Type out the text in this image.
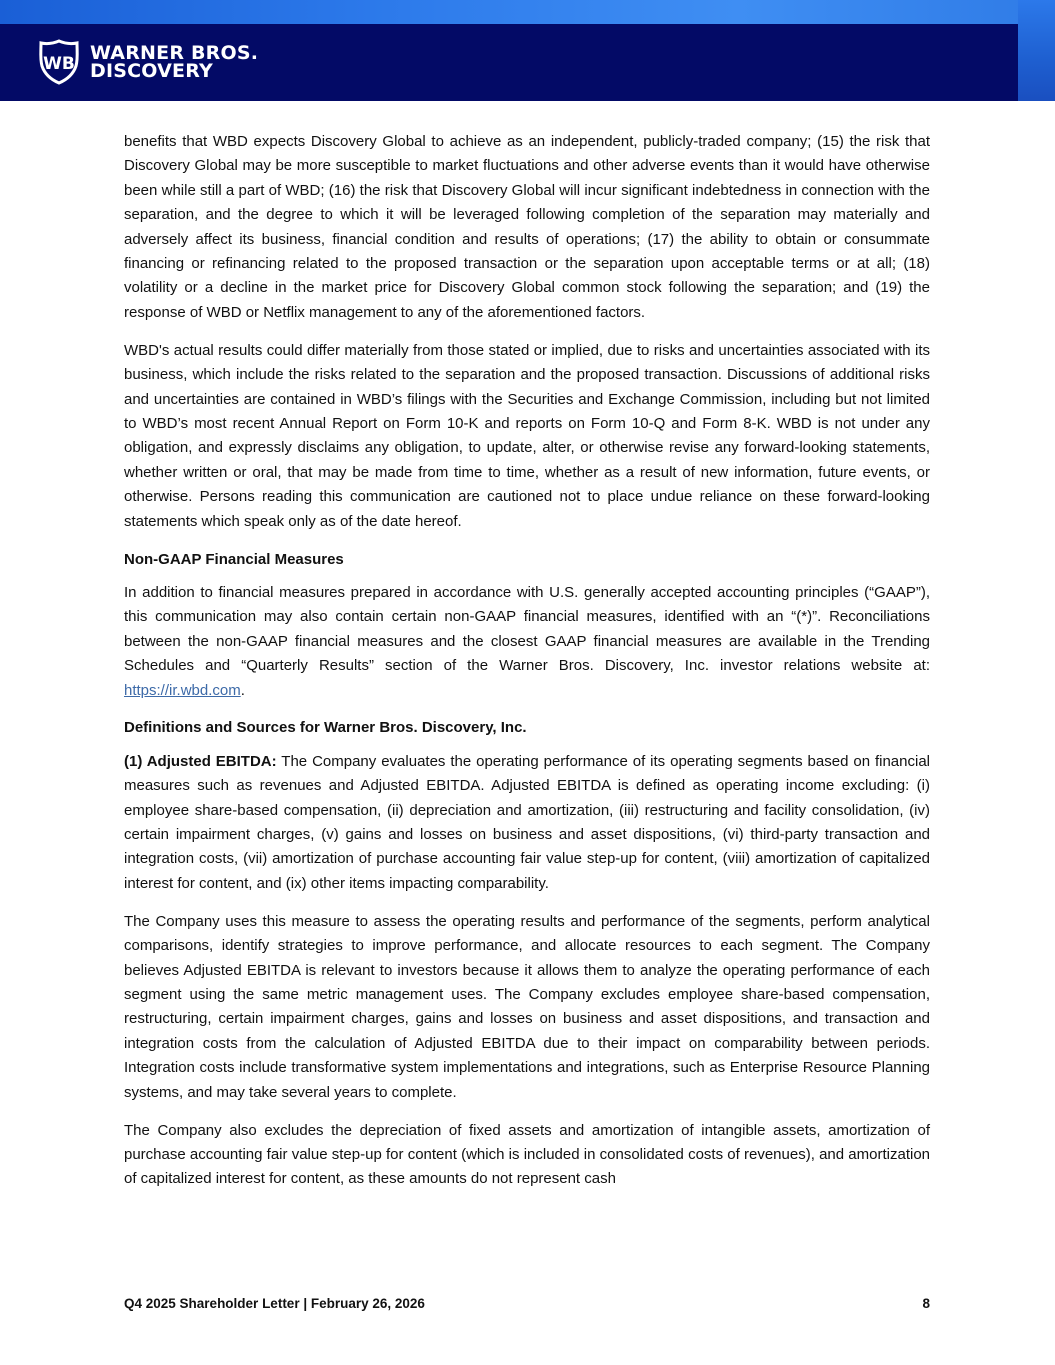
WB WARNER BROS.
DISCOVERY

benefits that WBD expects Discovery Global to achieve as an independent, publicly-traded company; (15) the risk that Discovery Global may be more susceptible to market fluctuations and other adverse events than it would have otherwise been while still a part of WBD; (16) the risk that Discovery Global will incur significant indebtedness in connection with the separation, and the degree to which it will be leveraged following completion of the separation may materially and adversely affect its business, financial condition and results of operations; (17) the ability to obtain or consummate financing or refinancing related to the proposed transaction or the separation upon acceptable terms or at all; (18) volatility or a decline in the market price for Discovery Global common stock following the separation; and (19) the response of WBD or Netflix management to any of the aforementioned factors.

WBD's actual results could differ materially from those stated or implied, due to risks and uncertainties associated with its business, which include the risks related to the separation and the proposed transaction. Discussions of additional risks and uncertainties are contained in WBD’s filings with the Securities and Exchange Commission, including but not limited to WBD’s most recent Annual Report on Form 10-K and reports on Form 10-Q and Form 8-K. WBD is not under any obligation, and expressly disclaims any obligation, to update, alter, or otherwise revise any forward-looking statements, whether written or oral, that may be made from time to time, whether as a result of new information, future events, or otherwise. Persons reading this communication are cautioned not to place undue reliance on these forward-looking statements which speak only as of the date hereof.

Non-GAAP Financial Measures

In addition to financial measures prepared in accordance with U.S. generally accepted accounting principles (“GAAP”), this communication may also contain certain non-GAAP financial measures, identified with an “(*)”. Reconciliations between the non-GAAP financial measures and the closest GAAP financial measures are available in the Trending Schedules and “Quarterly Results” section of the Warner Bros. Discovery, Inc. investor relations website at: https://ir.wbd.com.

Definitions and Sources for Warner Bros. Discovery, Inc.

(1) Adjusted EBITDA: The Company evaluates the operating performance of its operating segments based on financial measures such as revenues and Adjusted EBITDA. Adjusted EBITDA is defined as operating income excluding: (i) employee share-based compensation, (ii) depreciation and amortization, (iii) restructuring and facility consolidation, (iv) certain impairment charges, (v) gains and losses on business and asset dispositions, (vi) third-party transaction and integration costs, (vii) amortization of purchase accounting fair value step-up for content, (viii) amortization of capitalized interest for content, and (ix) other items impacting comparability.

The Company uses this measure to assess the operating results and performance of the segments, perform analytical comparisons, identify strategies to improve performance, and allocate resources to each segment. The Company believes Adjusted EBITDA is relevant to investors because it allows them to analyze the operating performance of each segment using the same metric management uses. The Company excludes employee share-based compensation, restructuring, certain impairment charges, gains and losses on business and asset dispositions, and transaction and integration costs from the calculation of Adjusted EBITDA due to their impact on comparability between periods. Integration costs include transformative system implementations and integrations, such as Enterprise Resource Planning systems, and may take several years to complete.

The Company also excludes the depreciation of fixed assets and amortization of intangible assets, amortization of purchase accounting fair value step-up for content (which is included in consolidated costs of revenues), and amortization of capitalized interest for content, as these amounts do not represent cash

Q4 2025 Shareholder Letter | February 26, 2026	8
